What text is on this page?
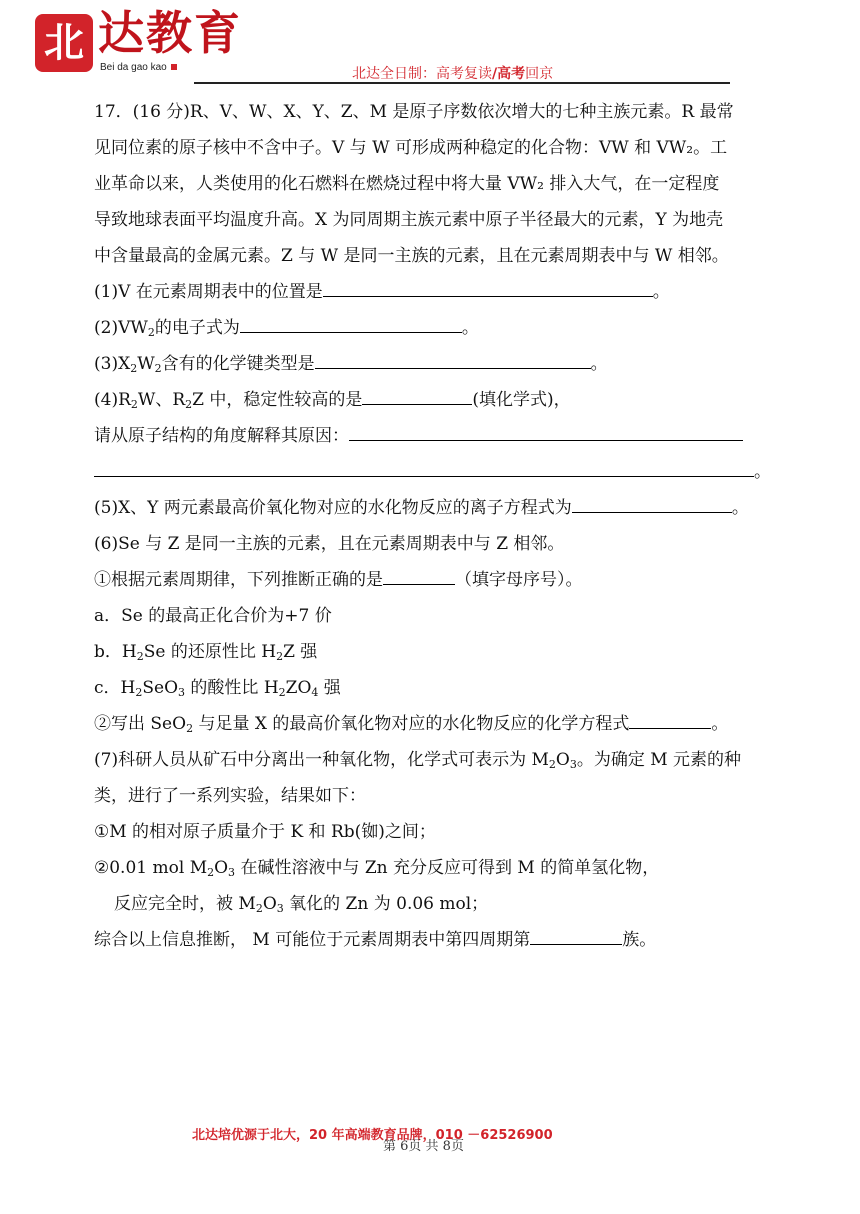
北 达教育
Bei da gao kao	北达全日制：高考复读/高考回京
17．(16 分)R、V、W、X、Y、Z、M 是原子序数依次增大的七种主族元素。R 最常
见同位素的原子核中不含中子。V 与 W 可形成两种稳定的化合物：VW 和 VW₂。工
业革命以来，人类使用的化石燃料在燃烧过程中将大量 VW₂ 排入大气，在一定程度
导致地球表面平均温度升高。X 为同周期主族元素中原子半径最大的元素，Y 为地壳
中含量最高的金属元素。Z 与 W 是同一主族的元素，且在元素周期表中与 W 相邻。
(1)V 在元素周期表中的位置是	。
$(2)VW_2$的电子式为	。
$(3)X_2W_2$含有的化学键类型是	。
$(4)R_2W$、$R_2Z$ 中，稳定性较高的是	(填化学式)，
请从原子结构的角度解释其原因：
。
(5)X、Y 两元素最高价氧化物对应的水化物反应的离子方程式为	。
(6)Se 与 Z 是同一主族的元素，且在元素周期表中与 Z 相邻。
①根据元素周期律，下列推断正确的是	（填字母序号）。
a．Se 的最高正化合价为+7 价
b．$H_2Se$ 的还原性比 $H_2Z$ 强
c．$H_2SeO_3$ 的酸性比 $H_2ZO_4$ 强
②写出 SeO$_2$ 与足量 X 的最高价氧化物对应的水化物反应的化学方程式	。
(7)科研人员从矿石中分离出一种氧化物，化学式可表示为 $M_2O_3$。为确定 M 元素的种
类，进行了一系列实验，结果如下：
①M 的相对原子质量介于 K 和 Rb(铷)之间；
②0.01 mol $M_2O_3$ 在碱性溶液中与 Zn 充分反应可得到 M 的简单氢化物，
反应完全时，被 $M_2O_3$ 氧化的 Zn 为 0.06 mol；
综合以上信息推断， M 可能位于元素周期表中第四周期第	族。
北达培优源于北大，20 年高端教育品牌，010 －62526900
第 6页 共 8页
